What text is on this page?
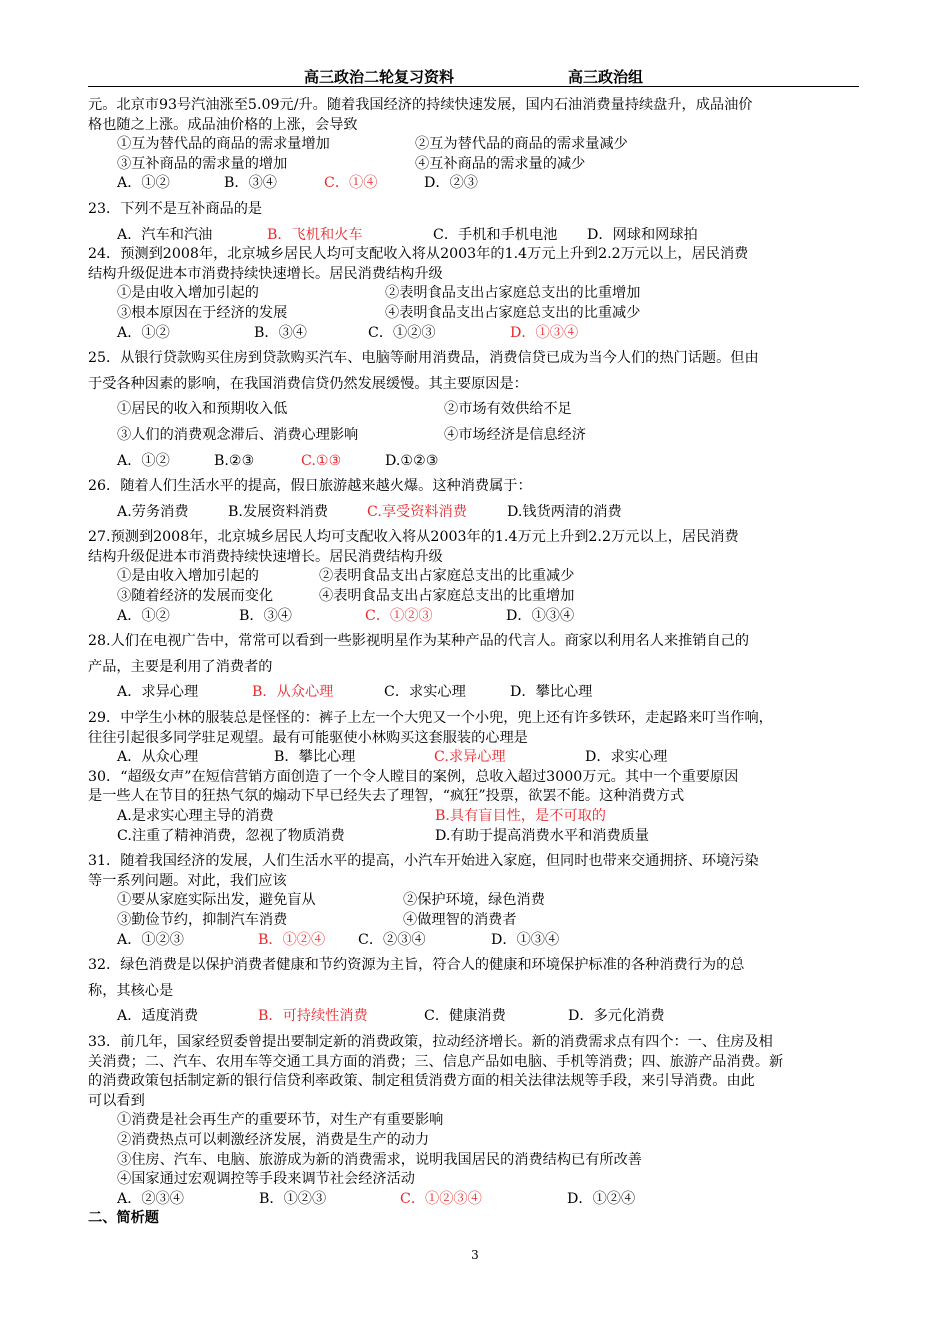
高三政治二轮复习资料	高三政治组
元。北京市93号汽油涨至5.09元/升。随着我国经济的持续快速发展，国内石油消费量持续盘升，成品油价
格也随之上涨。成品油价格的上涨，会导致
①互为替代品的商品的需求量增加	②互为替代品的商品的需求量减少
③互补商品的需求量的增加	④互补商品的需求量的减少
A．①②	B．③④	C．①④	D．②③
23．下列不是互补商品的是
A．汽车和汽油	B．飞机和火车	C．手机和手机电池 D．网球和网球拍
24．预测到2008年，北京城乡居民人均可支配收入将从2003年的1.4万元上升到2.2万元以上，居民消费
结构升级促进本市消费持续快速增长。居民消费结构升级
①是由收入增加引起的	②表明食品支出占家庭总支出的比重增加
③根本原因在于经济的发展	④表明食品支出占家庭总支出的比重减少
A．①②	B．③④	C．①②③	D．①③④
25．从银行贷款购买住房到贷款购买汽车、电脑等耐用消费品，消费信贷已成为当今人们的热门话题。但由
于受各种因素的影响，在我国消费信贷仍然发展缓慢。其主要原因是：
①居民的收入和预期收入低	②市场有效供给不足
③人们的消费观念滞后、消费心理影响	④市场经济是信息经济
A．①②	B.②③	C.①③	D.①②③
26．随着人们生活水平的提高，假日旅游越来越火爆。这种消费属于：
A.劳务消费	B.发展资料消费	C.享受资料消费	D.钱货两清的消费
27.预测到2008年，北京城乡居民人均可支配收入将从2003年的1.4万元上升到2.2万元以上，居民消费
结构升级促进本市消费持续快速增长。居民消费结构升级
①是由收入增加引起的	②表明食品支出占家庭总支出的比重减少
③随着经济的发展而变化	④表明食品支出占家庭总支出的比重增加
A．①②	B．③④	C．①②③	D．①③④
28.人们在电视广告中，常常可以看到一些影视明星作为某种产品的代言人。商家以利用名人来推销自己的
产品，主要是利用了消费者的
A．求异心理	B．从众心理	C．求实心理	D．攀比心理
29．中学生小林的服装总是怪怪的：裤子上左一个大兜又一个小兜，兜上还有许多铁环，走起路来叮当作响，
往往引起很多同学驻足观望。最有可能驱使小林购买这套服装的心理是
A．从众心理	B．攀比心理	C.求异心理	D．求实心理
30．“超级女声”在短信营销方面创造了一个令人瞠目的案例，总收入超过3000万元。其中一个重要原因
是一些人在节目的狂热气氛的煽动下早已经失去了理智，“疯狂”投票，欲罢不能。这种消费方式
A.是求实心理主导的消费	B.具有盲目性，是不可取的
C.注重了精神消费，忽视了物质消费	D.有助于提高消费水平和消费质量
31．随着我国经济的发展，人们生活水平的提高，小汽车开始进入家庭，但同时也带来交通拥挤、环境污染
等一系列问题。对此，我们应该
①要从家庭实际出发，避免盲从	②保护环境，绿色消费
③勤俭节约，抑制汽车消费	④做理智的消费者
A．①②③	B．①②④ C．②③④	D．①③④
32．绿色消费是以保护消费者健康和节约资源为主旨，符合人的健康和环境保护标准的各种消费行为的总
称，其核心是
A．适度消费	B．可持续性消费	C．健康消费	D．多元化消费
33．前几年，国家经贸委曾提出要制定新的消费政策，拉动经济增长。新的消费需求点有四个：一、住房及相
关消费；二、汽车、农用车等交通工具方面的消费；三、信息产品如电脑、手机等消费；四、旅游产品消费。新
的消费政策包括制定新的银行信贷利率政策、制定租赁消费方面的相关法律法规等手段，来引导消费。由此
可以看到
①消费是社会再生产的重要环节，对生产有重要影响
②消费热点可以刺激经济发展，消费是生产的动力
③住房、汽车、电脑、旅游成为新的消费需求，说明我国居民的消费结构已有所改善
④国家通过宏观调控等手段来调节社会经济活动
A．②③④	B．①②③	C．①②③④	D．①②④
二、简析题
3
